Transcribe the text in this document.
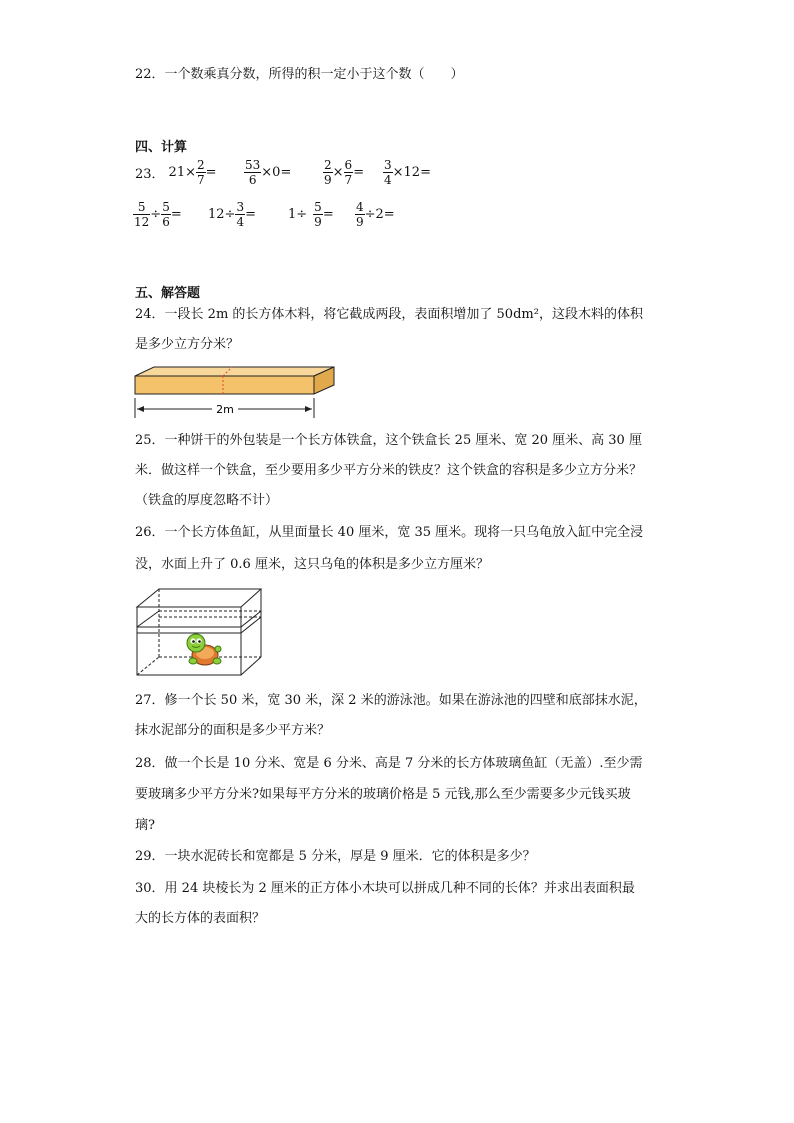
22．一个数乘真分数，所得的积一定小于这个数（　　）
四、计算
23． $21\times \frac{2}{7} = \frac{53}{6} \times 0=$	$\frac{2}{9} \times \frac{6}{7} = \frac{3}{4} \times 12=$
$\frac{5}{12} \div \frac{5}{6} = 12\div \frac{3}{4} = 1\div \frac{5}{9} = \frac{4}{9} \div 2=$
五、解答题
24．一段长 2m 的长方体木料，将它截成两段，表面积增加了 50dm²，这段木料的体积
是多少立方分米？
2m
25．一种饼干的外包装是一个长方体铁盒，这个铁盒长 25 厘米、宽 20 厘米、高 30 厘
米．做这样一个铁盒，至少要用多少平方分米的铁皮？这个铁盒的容积是多少立方分米？
（铁盒的厚度忽略不计）
26．一个长方体鱼缸，从里面量长 40 厘米，宽 35 厘米。现将一只乌龟放入缸中完全浸
没，水面上升了 0.6 厘米，这只乌龟的体积是多少立方厘米？
27．修一个长 50 米，宽 30 米，深 2 米的游泳池。如果在游泳池的四壁和底部抹水泥，
抹水泥部分的面积是多少平方米？
28．做一个长是 10 分米、宽是 6 分米、高是 7 分米的长方体玻璃鱼缸（无盖）.至少需
要玻璃多少平方分米?如果每平方分米的玻璃价格是 5 元钱,那么至少需要多少元钱买玻
璃?
29．一块水泥砖长和宽都是 5 分米，厚是 9 厘米．它的体积是多少？
30．用 24 块棱长为 2 厘米的正方体小木块可以拼成几种不同的长体？并求出表面积最
大的长方体的表面积？
